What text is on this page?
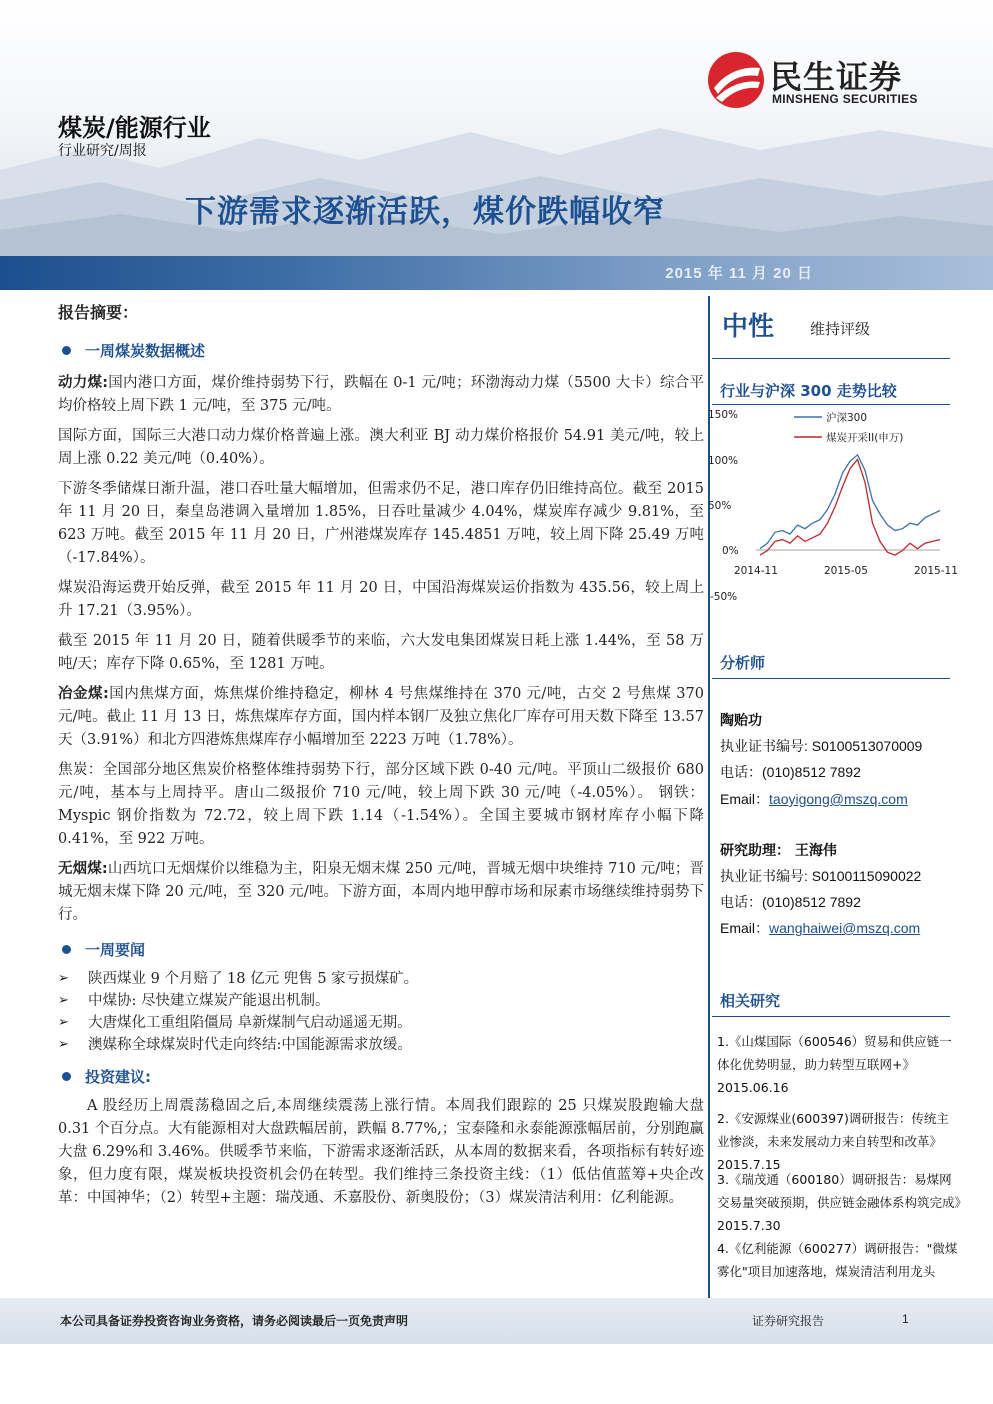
民生证券
MINSHENG SECURITIES
煤炭/能源行业
行业研究/周报
下游需求逐渐活跃，煤价跌幅收窄
2015 年 11 月 20 日
报告摘要：
一周煤炭数据概述

动力煤:国内港口方面，煤价维持弱势下行，跌幅在 0-1 元/吨；环渤海动力煤（5500 大卡）综合平均价格较上周下跌 1 元/吨，至 375 元/吨。

国际方面，国际三大港口动力煤价格普遍上涨。澳大利亚 BJ 动力煤价格报价 54.91 美元/吨，较上周上涨 0.22 美元/吨（0.40%）。

下游冬季储煤日渐升温，港口吞吐量大幅增加，但需求仍不足，港口库存仍旧维持高位。截至 2015 年 11 月 20 日，秦皇岛港调入量增加 1.85%，日吞吐量减少 4.04%，煤炭库存减少 9.81%，至 623 万吨。截至 2015 年 11 月 20 日，广州港煤炭库存 145.4851 万吨，较上周下降 25.49 万吨（-17.84%）。

煤炭沿海运费开始反弹，截至 2015 年 11 月 20 日，中国沿海煤炭运价指数为 435.56，较上周上升 17.21（3.95%）。

截至 2015 年 11 月 20 日，随着供暖季节的来临，六大发电集团煤炭日耗上涨 1.44%，至 58 万吨/天；库存下降 0.65%，至 1281 万吨。

冶金煤:国内焦煤方面，炼焦煤价维持稳定，柳林 4 号焦煤维持在 370 元/吨，古交 2 号焦煤 370 元/吨。截止 11 月 13 日，炼焦煤库存方面，国内样本钢厂及独立焦化厂库存可用天数下降至 13.57 天（3.91%）和北方四港炼焦煤库存小幅增加至 2223 万吨（1.78%）。

焦炭：全国部分地区焦炭价格整体维持弱势下行，部分区域下跌 0-40 元/吨。平顶山二级报价 680 元/吨，基本与上周持平。唐山二级报价 710 元/吨，较上周下跌 30 元/吨（-4.05%）。 钢铁：Myspic 钢价指数为 72.72，较上周下跌 1.14（-1.54%）。全国主要城市钢材库存小幅下降 0.41%，至 922 万吨。

无烟煤:山西坑口无烟煤价以维稳为主，阳泉无烟末煤 250 元/吨，晋城无烟中块维持 710 元/吨；晋城无烟末煤下降 20 元/吨，至 320 元/吨。下游方面，本周内地甲醇市场和尿素市场继续维持弱势下行。

一周要闻
➢	陕西煤业 9 个月赔了 18 亿元 兜售 5 家亏损煤矿。
➢	中煤协: 尽快建立煤炭产能退出机制。
➢	大唐煤化工重组陷僵局 阜新煤制气启动遥遥无期。
➢	澳媒称全球煤炭时代走向终结:中国能源需求放缓。
投资建议:

A 股经历上周震荡稳固之后,本周继续震荡上涨行情。本周我们跟踪的 25 只煤炭股跑输大盘 0.31 个百分点。大有能源相对大盘跌幅居前，跌幅 8.77%,；宝泰隆和永泰能源涨幅居前，分别跑赢大盘 6.29%和 3.46%。供暖季节来临，下游需求逐渐活跃，从本周的数据来看，各项指标有转好迹象，但力度有限，煤炭板块投资机会仍在转型。我们维持三条投资主线：（1）低估值蓝筹+央企改革：中国神华；（2）转型+主题：瑞茂通、禾嘉股份、新奥股份；（3）煤炭清洁利用：亿利能源。

中性 维持评级
行业与沪深 300 走势比较
150%
100%
50%
0%
-50%
2014-11	2015-05	2015-11
沪深300
煤炭开采II(申万)
分析师
陶贻功
执业证书编号: S0100513070009
电话：(010)8512 7892
Email：taoyigong@mszq.com
研究助理： 王海伟
执业证书编号: S0100115090022
电话：(010)8512 7892
Email：wanghaiwei@mszq.com
相关研究
1.《山煤国际（600546）贸易和供应链一体化优势明显，助力转型互联网+》2015.06.16
2.《安源煤业(600397)调研报告：传统主业惨淡，未来发展动力来自转型和改革》2015.7.15
3.《瑞茂通（600180）调研报告：易煤网交易量突破预期，供应链金融体系构筑完成》2015.7.30
4.《亿利能源（600277）调研报告："微煤雾化"项目加速落地，煤炭清洁利用龙头
本公司具备证券投资咨询业务资格，请务必阅读最后一页免责声明	证券研究报告	1
